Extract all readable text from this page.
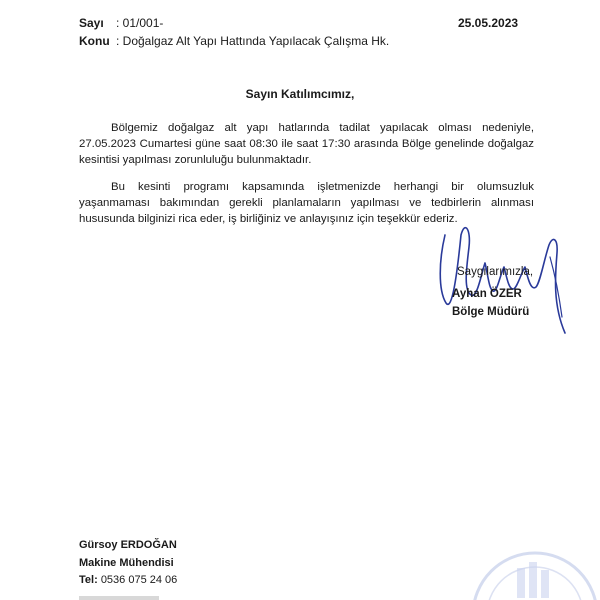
Sayı : 01/001-
Konu : Doğalgaz Alt Yapı Hattında Yapılacak Çalışma Hk.
25.05.2023
Sayın Katılımcımız,
Bölgemiz doğalgaz alt yapı hatlarında tadilat yapılacak olması nedeniyle, 27.05.2023 Cumartesi güne saat 08:30 ile saat 17:30 arasında Bölge genelinde doğalgaz kesintisi yapılması zorunluluğu bulunmaktadır.
Bu kesinti programı kapsamında işletmenizde herhangi bir olumsuzluk yaşanmaması bakımından gerekli planlamaların yapılması ve tedbirlerin alınması hususunda bilginizi rica eder, iş birliğiniz ve anlayışınız için teşekkür ederiz.
Saygılarımızla,
Ayhan ÖZER
Bölge Müdürü
Gürsoy ERDOĞAN
Makine Mühendisi
Tel: 0536 075 24 06
